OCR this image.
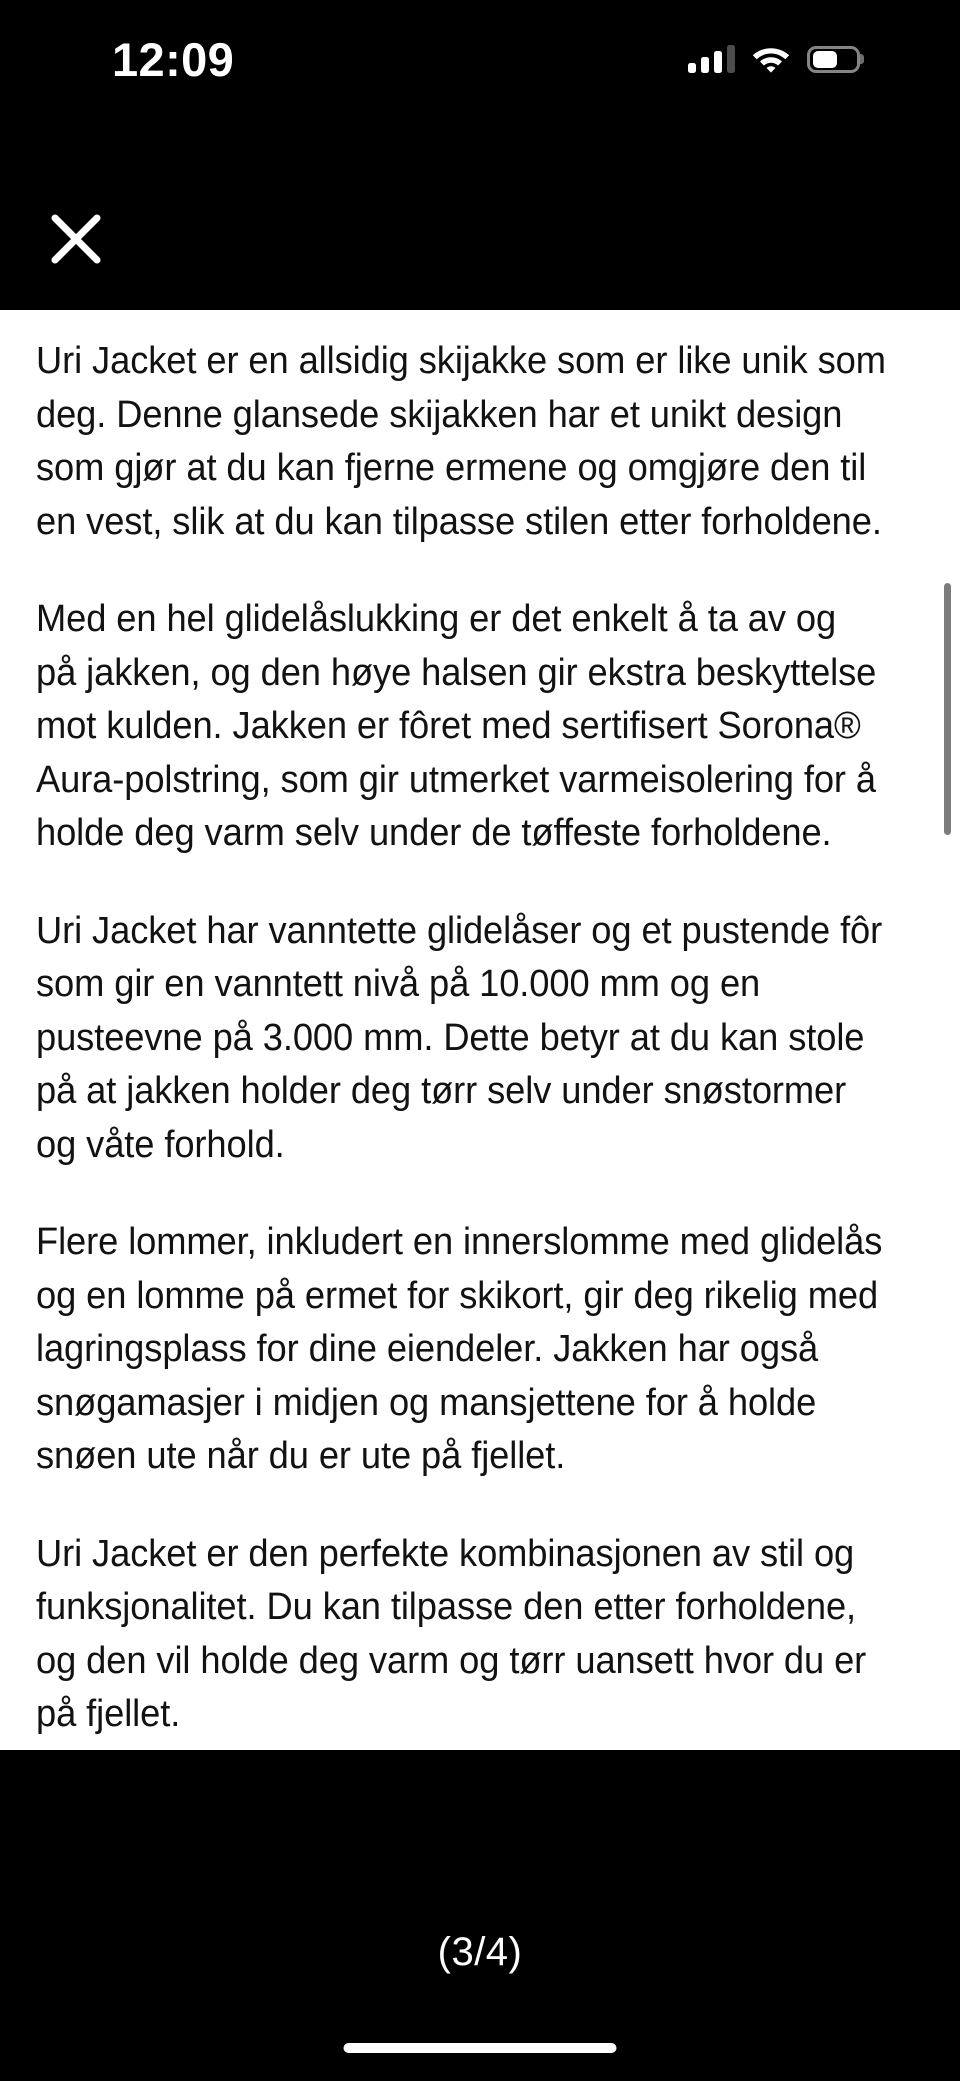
12:09

Uri Jacket er en allsidig skijakke som er like unik som deg. Denne glansede skijakken har et unikt design som gjør at du kan fjerne ermene og omgjøre den til en vest, slik at du kan tilpasse stilen etter forholdene.

Med en hel glidelåslukking er det enkelt å ta av og på jakken, og den høye halsen gir ekstra beskyttelse mot kulden. Jakken er fôret med sertifisert Sorona® Aura-polstring, som gir utmerket varmeisolering for å holde deg varm selv under de tøffeste forholdene.

Uri Jacket har vanntette glidelåser og et pustende fôr som gir en vanntett nivå på 10.000 mm og en pusteevne på 3.000 mm. Dette betyr at du kan stole på at jakken holder deg tørr selv under snøstormer og våte forhold.

Flere lommer, inkludert en innerslomme med glidelås og en lomme på ermet for skikort, gir deg rikelig med lagringsplass for dine eiendeler. Jakken har også snøgamasjer i midjen og mansjettene for å holde snøen ute når du er ute på fjellet.

Uri Jacket er den perfekte kombinasjonen av stil og funksjonalitet. Du kan tilpasse den etter forholdene, og den vil holde deg varm og tørr uansett hvor du er på fjellet.

(3/4)
